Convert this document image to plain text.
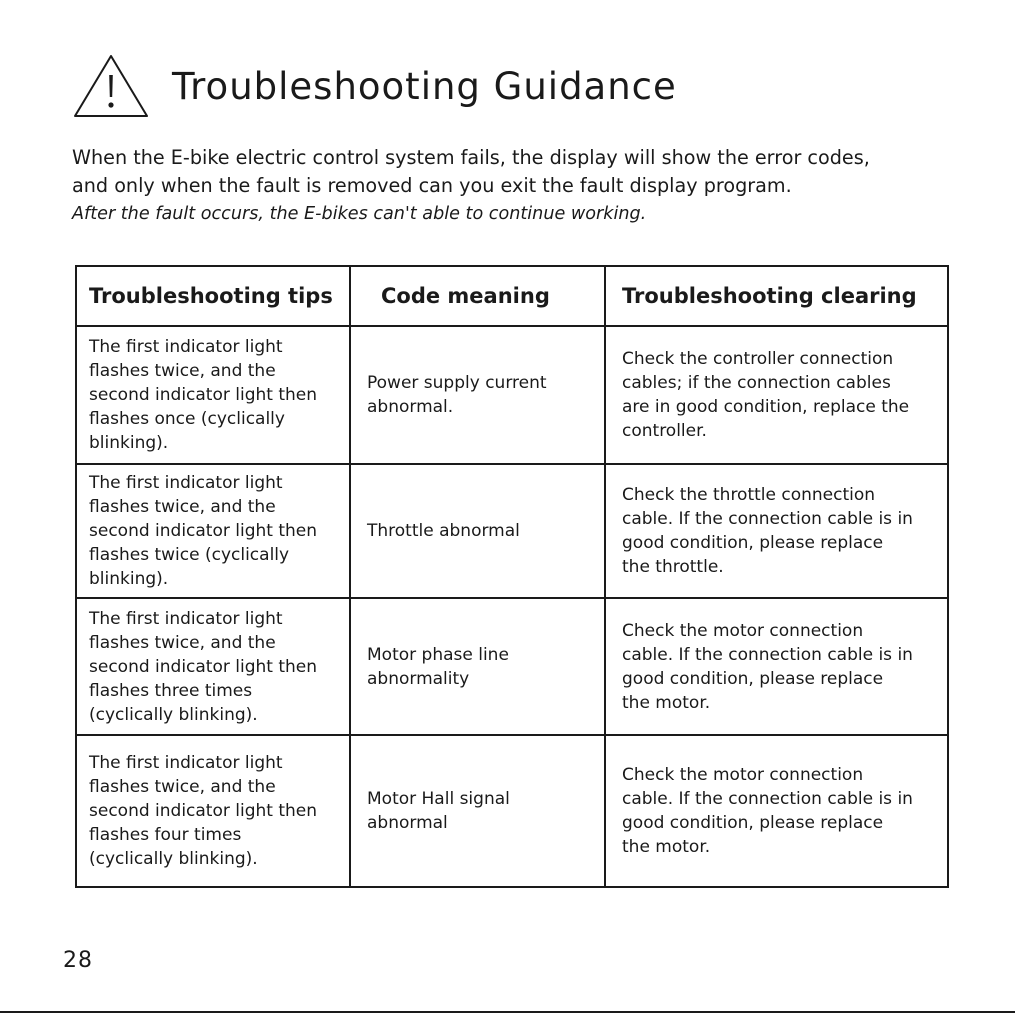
Troubleshooting Guidance

When the E-bike electric control system fails, the display will show the error codes,

and only when the fault is removed can you exit the fault display program.

After the fault occurs, the E-bikes can't able to continue working.

Troubleshooting tips	Code meaning	Troubleshooting clearing

The first indicator light
flashes twice, and the
second indicator light then
flashes once (cyclically
blinking).	Power supply current
abnormal.	Check the controller connection
cables; if the connection cables
are in good condition, replace the
controller.

The first indicator light
flashes twice, and the
second indicator light then
flashes twice (cyclically
blinking).	Throttle abnormal	Check the throttle connection
cable. If the connection cable is in
good condition, please replace
the throttle.

The first indicator light
flashes twice, and the
second indicator light then
flashes three times
(cyclically blinking).	Motor phase line
abnormality	Check the motor connection
cable. If the connection cable is in
good condition, please replace
the motor.

The first indicator light
flashes twice, and the
second indicator light then
flashes four times
(cyclically blinking).	Motor Hall signal
abnormal	Check the motor connection
cable. If the connection cable is in
good condition, please replace
the motor.
28
